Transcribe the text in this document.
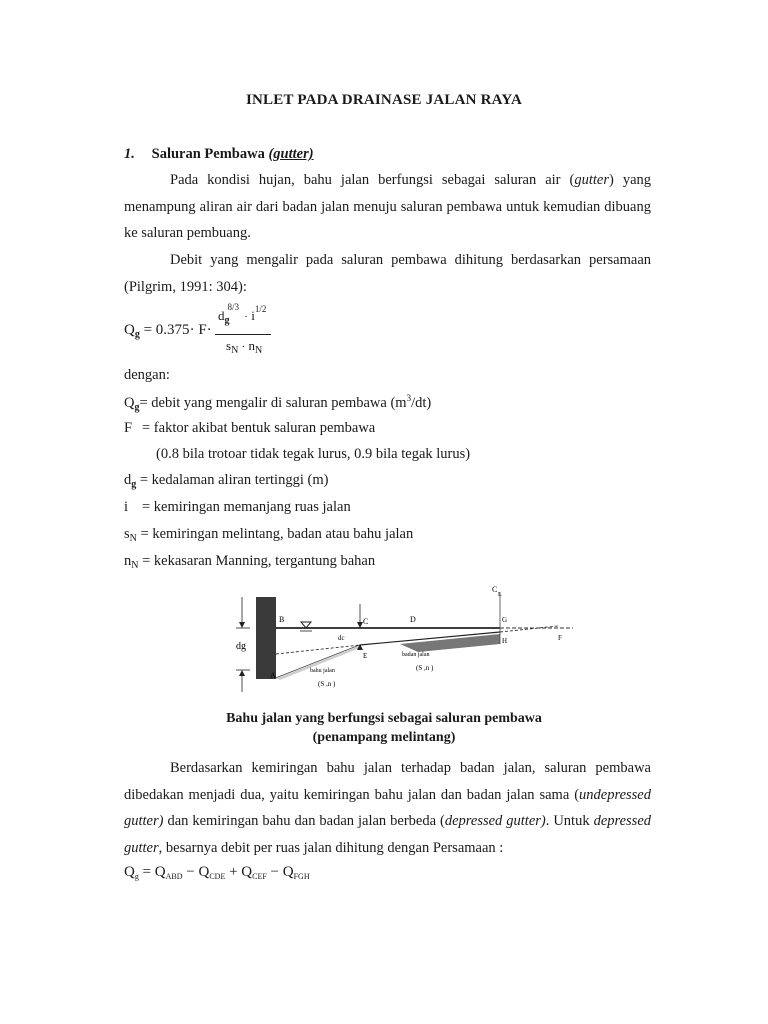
INLET PADA DRAINASE JALAN RAYA
1. Saluran Pembawa (gutter)
Pada kondisi hujan, bahu jalan berfungsi sebagai saluran air (gutter) yang menampung aliran air dari badan jalan menuju saluran pembawa untuk kemudian dibuang ke saluran pembuang.
Debit yang mengalir pada saluran pembawa dihitung berdasarkan persamaan (Pilgrim, 1991: 304):
$Q_g = 0.375\cdot F\cdot$
$d_g^{8/3} \cdot i^{1/2}$
$s_N \cdot n_N$
dengan:
$Q_g=$ debit yang mengalir di saluran pembawa $(m^3/dt)$
F = faktor akibat bentuk saluran pembawa
(0.8 bila trotoar tidak tegak lurus, 0.9 bila tegak lurus)
$d_g$ = kedalaman aliran tertinggi (m)
i = kemiringan memanjang ruas jalan
$s_N$ = kemiringan melintang, badan atau bahu jalan
$n_N$ = kekasaran Manning, tergantung bahan
dg
A
B	C	D
E
F
G
H
C
L
dc
bahu jalan
(S ,n )
badan jalan
(S ,n )
Bahu jalan yang berfungsi sebagai saluran pembawa
(penampang melintang)
Berdasarkan kemiringan bahu jalan terhadap badan jalan, saluran pembawa dibedakan menjadi dua, yaitu kemiringan bahu jalan dan badan jalan sama (undepressed gutter) dan kemiringan bahu dan badan jalan berbeda (depressed gutter). Untuk depressed gutter, besarnya debit per ruas jalan dihitung dengan Persamaan :
$Q_g = Q_{ABD} - Q_{CDE} + Q_{CEF} - Q_{FGH}$
